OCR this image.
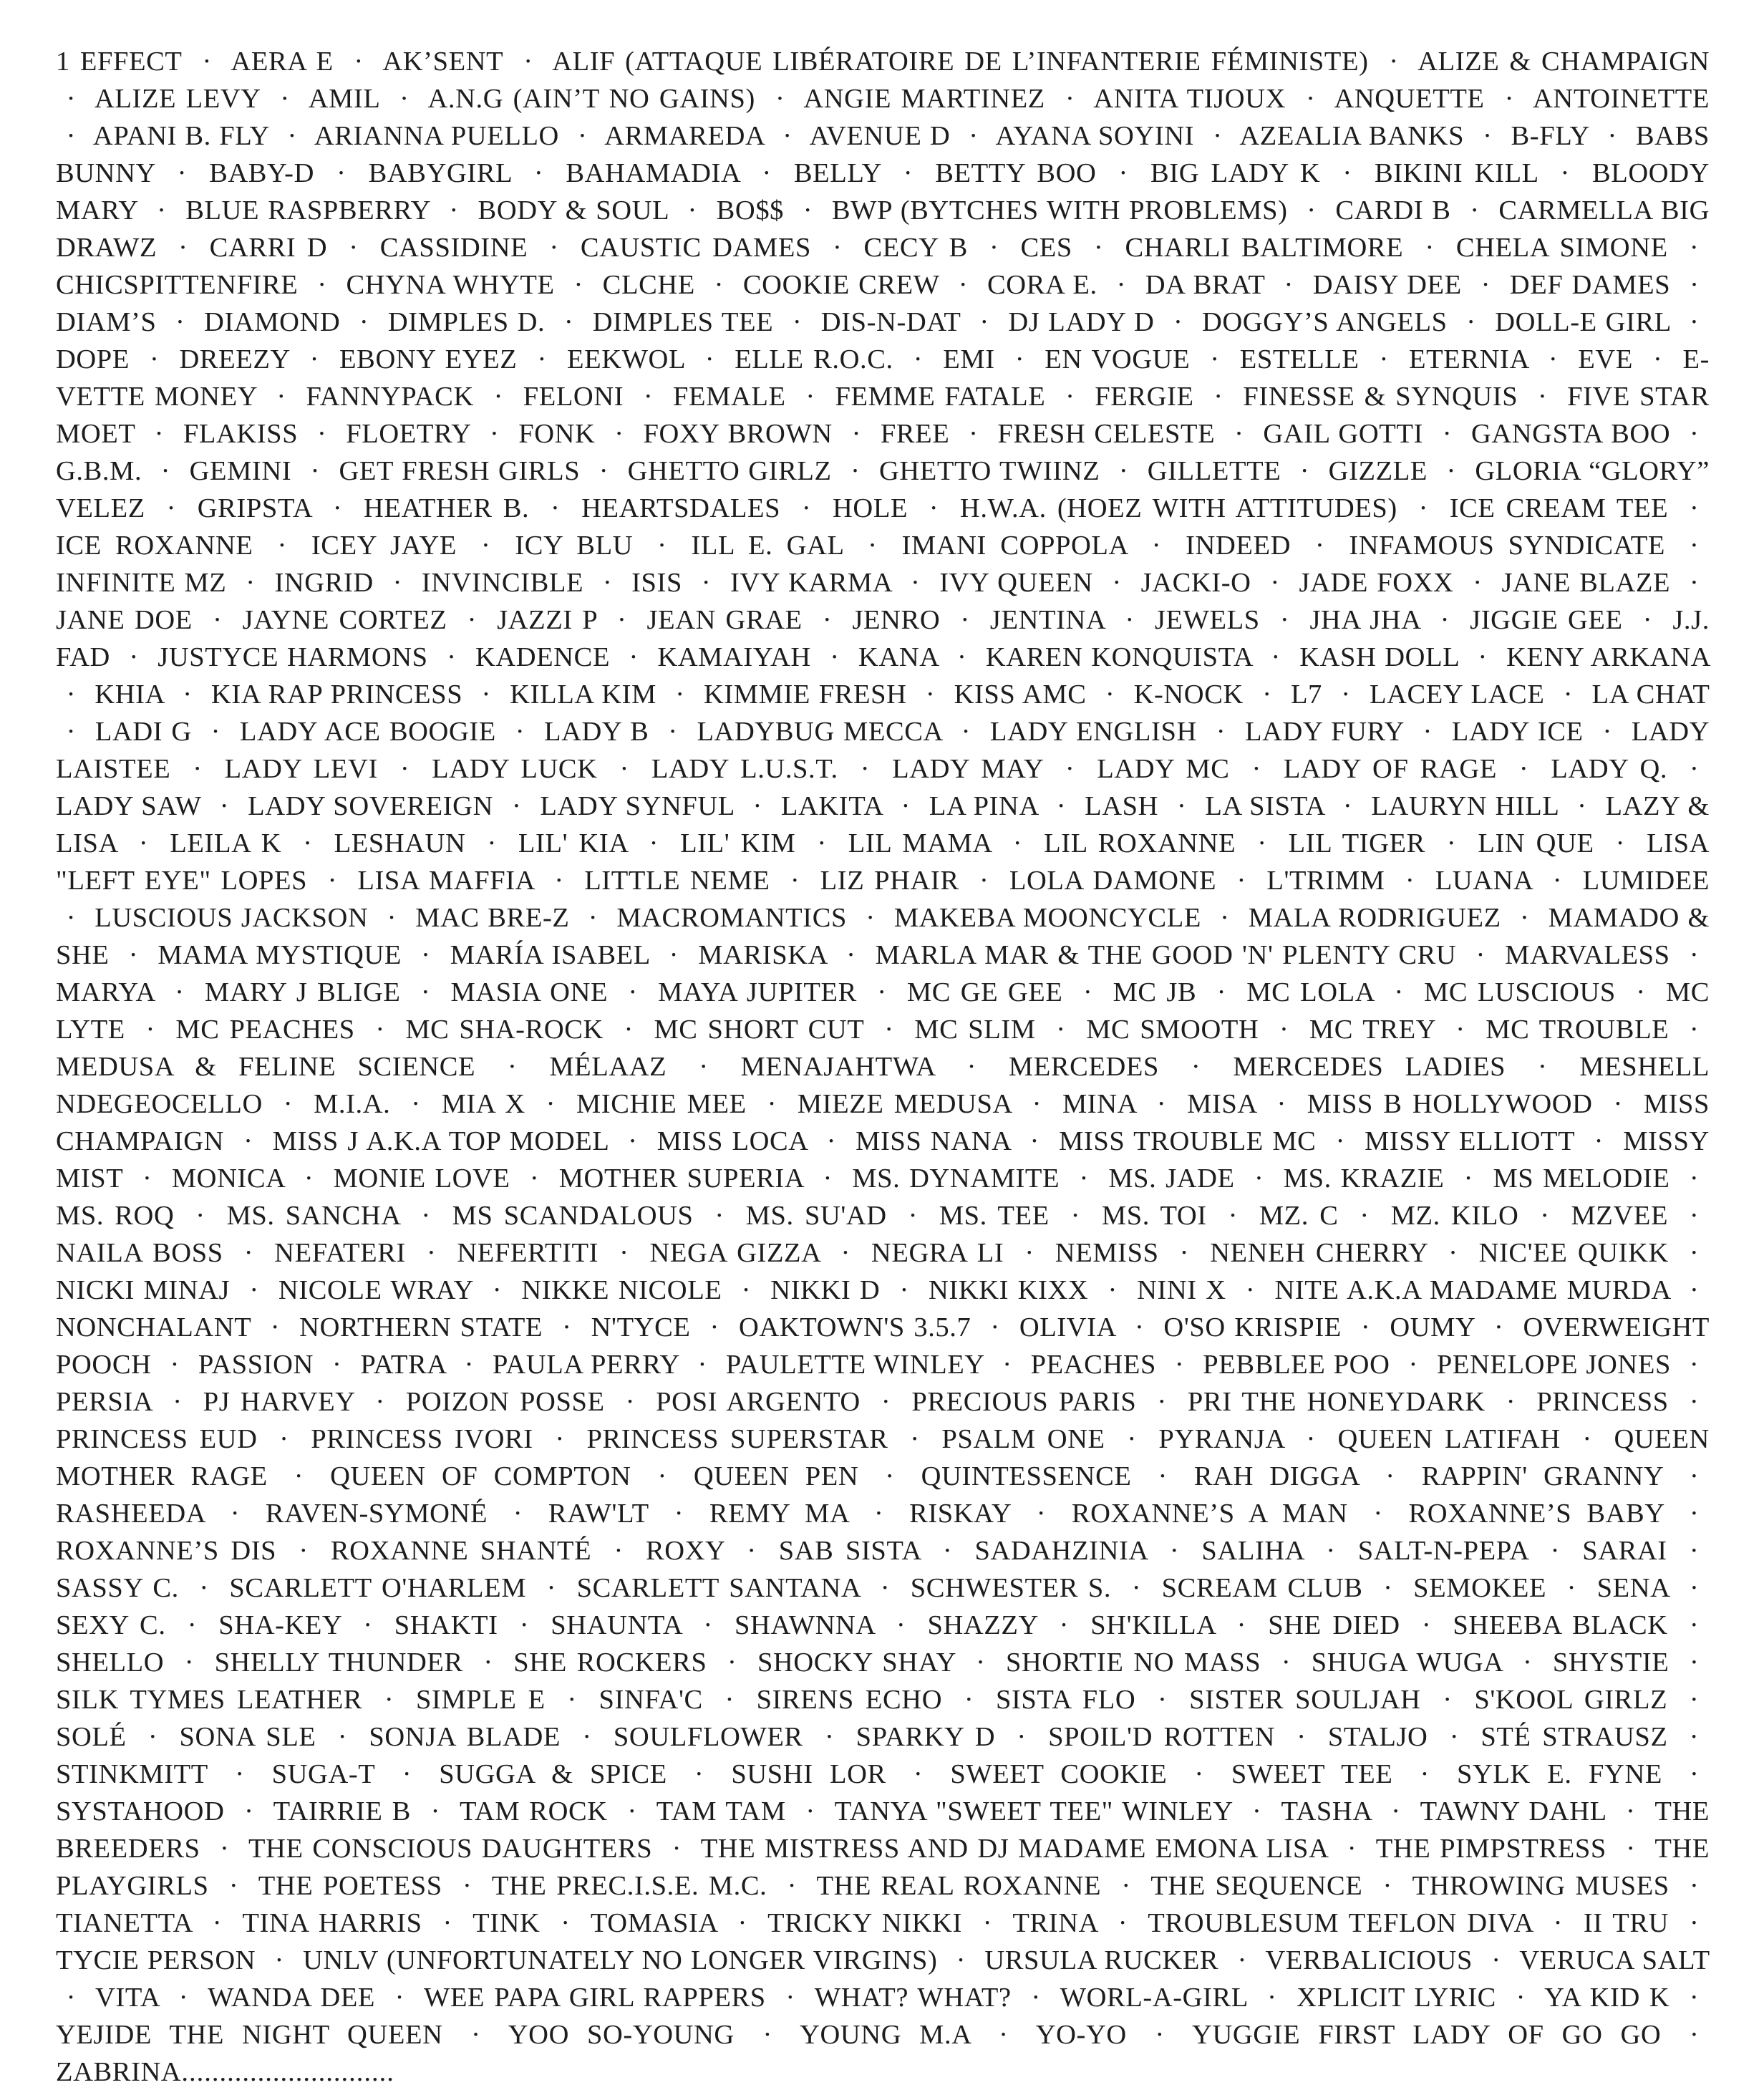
1 EFFECT · AERA E · AK’SENT · ALIF (ATTAQUE LIBÉRATOIRE DE L’INFANTERIE FÉMINISTE) · ALIZE & CHAMPAIGN · ALIZE LEVY · AMIL · A.N.G (AIN’T NO GAINS) · ANGIE MARTINEZ · ANITA TIJOUX · ANQUETTE · ANTOINETTE · APANI B. FLY · ARIANNA PUELLO · ARMAREDA · AVENUE D · AYANA SOYINI · AZEALIA BANKS · B-FLY · BABS BUNNY · BABY-D · BABYGIRL · BAHAMADIA · BELLY · BETTY BOO · BIG LADY K · BIKINI KILL · BLOODY MARY · BLUE RASPBERRY · BODY & SOUL · BO$$ · BWP (BYTCHES WITH PROBLEMS) · CARDI B · CARMELLA BIG DRAWZ · CARRI D · CASSIDINE · CAUSTIC DAMES · CECY B · CES · CHARLI BALTIMORE · CHELA SIMONE · CHICSPITTENFIRE · CHYNA WHYTE · CLCHE · COOKIE CREW · CORA E. · DA BRAT · DAISY DEE · DEF DAMES · DIAM’S · DIAMOND · DIMPLES D. · DIMPLES TEE · DIS-N-DAT · DJ LADY D · DOGGY’S ANGELS · DOLL-E GIRL · DOPE · DREEZY · EBONY EYEZ · EEKWOL · ELLE R.O.C. · EMI · EN VOGUE · ESTELLE · ETERNIA · EVE · E-VETTE MONEY · FANNYPACK · FELONI · FEMALE · FEMME FATALE · FERGIE · FINESSE & SYNQUIS · FIVE STAR MOET · FLAKISS · FLOETRY · FONK · FOXY BROWN · FREE · FRESH CELESTE · GAIL GOTTI · GANGSTA BOO · G.B.M. · GEMINI · GET FRESH GIRLS · GHETTO GIRLZ · GHETTO TWIINZ · GILLETTE · GIZZLE · GLORIA “GLORY” VELEZ · GRIPSTA · HEATHER B. · HEARTSDALES · HOLE · H.W.A. (HOEZ WITH ATTITUDES) · ICE CREAM TEE · ICE ROXANNE · ICEY JAYE · ICY BLU · ILL E. GAL · IMANI COPPOLA · INDEED · INFAMOUS SYNDICATE · INFINITE MZ · INGRID · INVINCIBLE · ISIS · IVY KARMA · IVY QUEEN · JACKI-O · JADE FOXX · JANE BLAZE · JANE DOE · JAYNE CORTEZ · JAZZI P · JEAN GRAE · JENRO · JENTINA · JEWELS · JHA JHA · JIGGIE GEE · J.J. FAD · JUSTYCE HARMONS · KADENCE · KAMAIYAH · KANA · KAREN KONQUISTA · KASH DOLL · KENY ARKANA · KHIA · KIA RAP PRINCESS · KILLA KIM · KIMMIE FRESH · KISS AMC · K-NOCK · L7 · LACEY LACE · LA CHAT · LADI G · LADY ACE BOOGIE · LADY B · LADYBUG MECCA · LADY ENGLISH · LADY FURY · LADY ICE · LADY LAISTEE · LADY LEVI · LADY LUCK · LADY L.U.S.T. · LADY MAY · LADY MC · LADY OF RAGE · LADY Q. · LADY SAW · LADY SOVEREIGN · LADY SYNFUL · LAKITA · LA PINA · LASH · LA SISTA · LAURYN HILL · LAZY & LISA · LEILA K · LESHAUN · LIL' KIA · LIL' KIM · LIL MAMA · LIL ROXANNE · LIL TIGER · LIN QUE · LISA "LEFT EYE" LOPES · LISA MAFFIA · LITTLE NEME · LIZ PHAIR · LOLA DAMONE · L'TRIMM · LUANA · LUMIDEE · LUSCIOUS JACKSON · MAC BRE-Z · MACROMANTICS · MAKEBA MOONCYCLE · MALA RODRIGUEZ · MAMADO & SHE · MAMA MYSTIQUE · MARÍA ISABEL · MARISKA · MARLA MAR & THE GOOD 'N' PLENTY CRU · MARVALESS · MARYA · MARY J BLIGE · MASIA ONE · MAYA JUPITER · MC GE GEE · MC JB · MC LOLA · MC LUSCIOUS · MC LYTE · MC PEACHES · MC SHA-ROCK · MC SHORT CUT · MC SLIM · MC SMOOTH · MC TREY · MC TROUBLE · MEDUSA & FELINE SCIENCE · MÉLAAZ · MENAJAHTWA · MERCEDES · MERCEDES LADIES · MESHELL NDEGEOCELLO · M.I.A. · MIA X · MICHIE MEE · MIEZE MEDUSA · MINA · MISA · MISS B HOLLYWOOD · MISS CHAMPAIGN · MISS J A.K.A TOP MODEL · MISS LOCA · MISS NANA · MISS TROUBLE MC · MISSY ELLIOTT · MISSY MIST · MONICA · MONIE LOVE · MOTHER SUPERIA · MS. DYNAMITE · MS. JADE · MS. KRAZIE · MS MELODIE · MS. ROQ · MS. SANCHA · MS SCANDALOUS · MS. SU'AD · MS. TEE · MS. TOI · MZ. C · MZ. KILO · MZVEE · NAILA BOSS · NEFATERI · NEFERTITI · NEGA GIZZA · NEGRA LI · NEMISS · NENEH CHERRY · NIC'EE QUIKK · NICKI MINAJ · NICOLE WRAY · NIKKE NICOLE · NIKKI D · NIKKI KIXX · NINI X · NITE A.K.A MADAME MURDA · NONCHALANT · NORTHERN STATE · N'TYCE · OAKTOWN'S 3.5.7 · OLIVIA · O'SO KRISPIE · OUMY · OVERWEIGHT POOCH · PASSION · PATRA · PAULA PERRY · PAULETTE WINLEY · PEACHES · PEBBLEE POO · PENELOPE JONES · PERSIA · PJ HARVEY · POIZON POSSE · POSI ARGENTO · PRECIOUS PARIS · PRI THE HONEYDARK · PRINCESS · PRINCESS EUD · PRINCESS IVORI · PRINCESS SUPERSTAR · PSALM ONE · PYRANJA · QUEEN LATIFAH · QUEEN MOTHER RAGE · QUEEN OF COMPTON · QUEEN PEN · QUINTESSENCE · RAH DIGGA · RAPPIN' GRANNY · RASHEEDA · RAVEN-SYMONÉ · RAW'LT · REMY MA · RISKAY · ROXANNE’S A MAN · ROXANNE’S BABY · ROXANNE’S DIS · ROXANNE SHANTÉ · ROXY · SAB SISTA · SADAHZINIA · SALIHA · SALT-N-PEPA · SARAI · SASSY C. · SCARLETT O'HARLEM · SCARLETT SANTANA · SCHWESTER S. · SCREAM CLUB · SEMOKEE · SENA · SEXY C. · SHA-KEY · SHAKTI · SHAUNTA · SHAWNNA · SHAZZY · SH'KILLA · SHE DIED · SHEEBA BLACK · SHELLO · SHELLY THUNDER · SHE ROCKERS · SHOCKY SHAY · SHORTIE NO MASS · SHUGA WUGA · SHYSTIE · SILK TYMES LEATHER · SIMPLE E · SINFA'C · SIRENS ECHO · SISTA FLO · SISTER SOULJAH · S'KOOL GIRLZ · SOLÉ · SONA SLE · SONJA BLADE · SOULFLOWER · SPARKY D · SPOIL'D ROTTEN · STALJO · STÉ STRAUSZ · STINKMITT · SUGA-T · SUGGA & SPICE · SUSHI LOR · SWEET COOKIE · SWEET TEE · SYLK E. FYNE · SYSTAHOOD · TAIRRIE B · TAM ROCK · TAM TAM · TANYA "SWEET TEE" WINLEY · TASHA · TAWNY DAHL · THE BREEDERS · THE CONSCIOUS DAUGHTERS · THE MISTRESS AND DJ MADAME EMONA LISA · THE PIMPSTRESS · THE PLAYGIRLS · THE POETESS · THE PREC.I.S.E. M.C. · THE REAL ROXANNE · THE SEQUENCE · THROWING MUSES · TIANETTA · TINA HARRIS · TINK · TOMASIA · TRICKY NIKKI · TRINA · TROUBLESUM TEFLON DIVA · II TRU · TYCIE PERSON · UNLV (UNFORTUNATELY NO LONGER VIRGINS) · URSULA RUCKER · VERBALICIOUS · VERUCA SALT · VITA · WANDA DEE · WEE PAPA GIRL RAPPERS · WHAT? WHAT? · WORL-A-GIRL · XPLICIT LYRIC · YA KID K · YEJIDE THE NIGHT QUEEN · YOO SO-YOUNG · YOUNG M.A · YO-YO · YUGGIE FIRST LADY OF GO GO · ZABRINA............................
